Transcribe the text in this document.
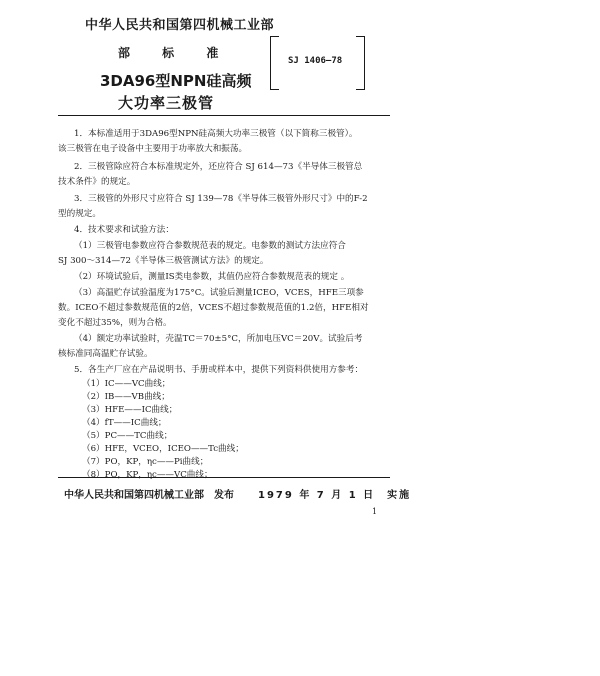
中华人民共和国第四机械工业部
部 标 准
SJ 1406—78
3DA96型NPN硅高频
大功率三极管
1．本标准适用于3DA96型NPN硅高频大功率三极管（以下简称三极管）。
该三极管在电子设备中主要用于功率放大和振荡。
2．三极管除应符合本标准规定外，还应符合 SJ 614—73《半导体三极管总
技术条件》的规定。
3．三极管的外形尺寸应符合 SJ 139—78《半导体三极管外形尺寸》中的F-2
型的规定。
4．技术要求和试验方法：
（1）三极管电参数应符合参数规范表的规定。电参数的测试方法应符合
SJ 300～314—72《半导体三极管测试方法》的规定。
（2）环境试验后，测量IS类电参数，其值仍应符合参数规范表的规定 。
（3）高温贮存试验温度为175°C。试验后测量ICEO，VCES，HFE三项参
数。ICEO不超过参数规范值的2倍，VCES不超过参数规范值的1.2倍，HFE相对
变化不超过35%，则为合格。
（4）额定功率试验时，壳温TC＝70±5°C，所加电压VC＝20V。试验后考
核标准同高温贮存试验。
5．各生产厂应在产品说明书、手册或样本中，提供下列资料供使用方参考：
（1）IC——VC曲线；
（2）IB——VB曲线；
（3）HFE——IC曲线；
（4）fT——IC曲线；
（5）PC——TC曲线；
（6）HFE，VCEO，ICEO——Tc曲线；
中华人民共和国第四机械工业部　发布 1979 年 7 月 1 日　实施
1
（7）PO，KP，ηc——Pi曲线；
（8）PO，KP，ηc——VC曲线；
